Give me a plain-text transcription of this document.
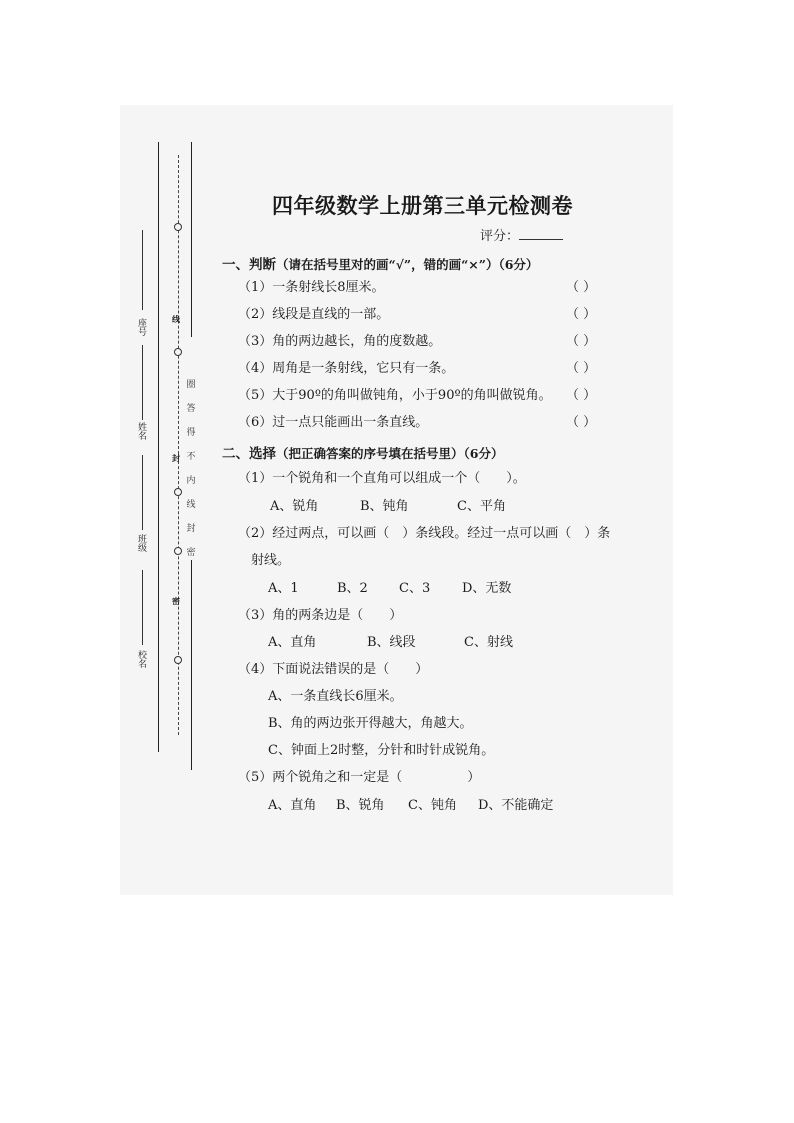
线
封
密
座号
姓名
班级
校名
圈
答
得
不
内
线
封
密
四年级数学上册第三单元检测卷
评分：
一、判断（请在括号里对的画“√”，错的画“×”）（6分）
（1）一条射线长8厘米。	（ ）
（2）线段是直线的一部。	（ ）
（3）角的两边越长，角的度数越。	（ ）
（4）周角是一条射线，它只有一条。	（ ）
（5）大于90º的角叫做钝角，小于90º的角叫做锐角。 （ ）
（6）过一点只能画出一条直线。	（ ）
二、选择（把正确答案的序号填在括号里）（6分）
（1）一个锐角和一个直角可以组成一个（　　）。
A、锐角	B、钝角	C、平角
（2）经过两点，可以画（　）条线段。经过一点可以画（　）条
射线。
A、1	B、2 C、3 D、无数
（3）角的两条边是（　　）
A、直角	B、线段	C、射线
（4）下面说法错误的是（　　）
A、一条直线长6厘米。
B、角的两边张开得越大，角越大。
C、钟面上2时整，分针和时针成锐角。
（5）两个锐角之和一定是（　　　　　）
A、直角 B、锐角 C、钝角 D、不能确定
